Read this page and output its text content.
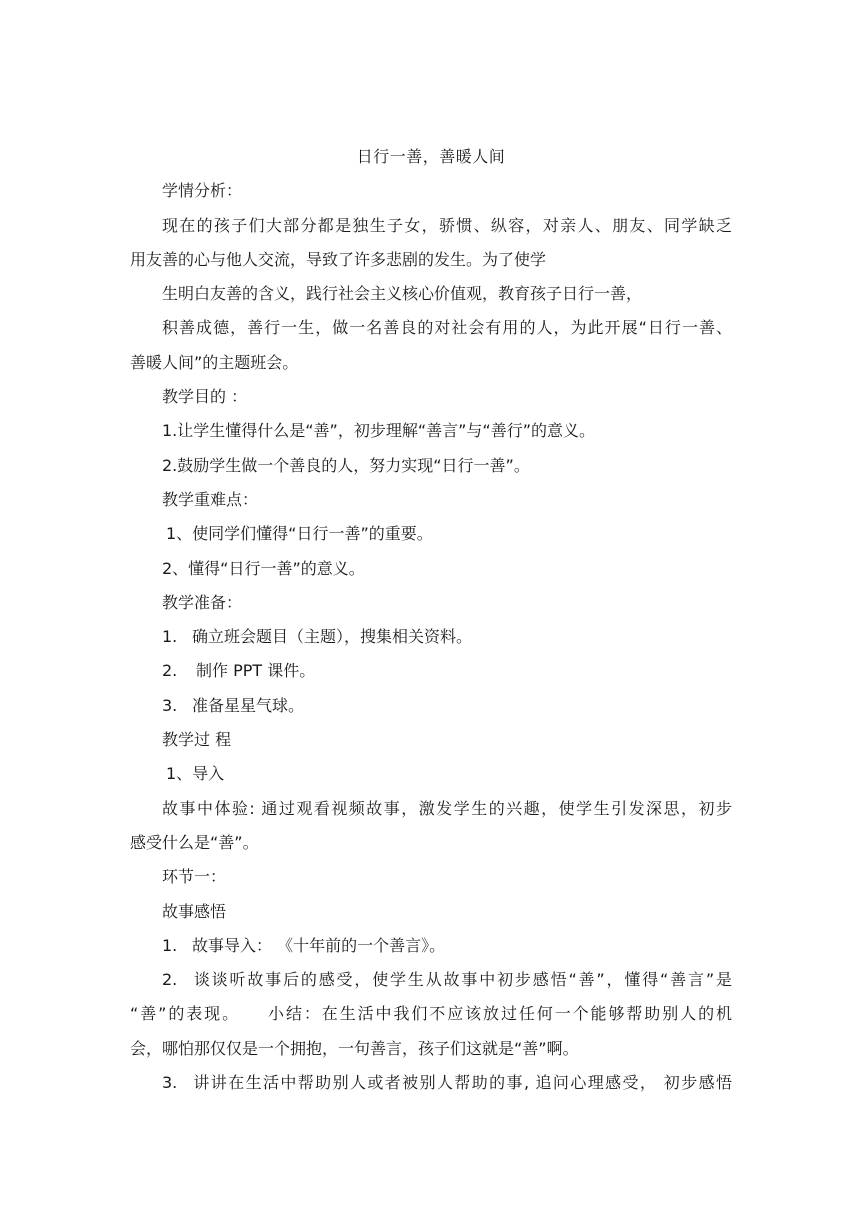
日行一善，善暖人间

学情分析：

现在的孩子们大部分都是独生子女，骄惯、纵容，对亲人、朋友、同学缺乏

用友善的心与他人交流，导致了许多悲剧的发生。为了使学

生明白友善的含义，践行社会主义核心价值观，教育孩子日行一善，

积善成德，善行一生，做一名善良的对社会有用的人，为此开展“日行一善、

善暖人间”的主题班会。

教学目的 ：

1.让学生懂得什么是“善”，初步理解“善言”与“善行”的意义。

2.鼓励学生做一个善良的人，努力实现“日行一善”。

教学重难点：

1、使同学们懂得“日行一善”的重要。

2、懂得“日行一善”的意义。

教学准备：

1. 确立班会题目（主题），搜集相关资料。

2. 制作 PPT 课件。

3. 准备星星气球。

教学过 程

1、导入

故事中体验: 通过观看视频故事，激发学生的兴趣，使学生引发深思，初步

感受什么是“善”。

环节一：

故事感悟

1. 故事导入： 《十年前的一个善言》。

2. 谈谈听故事后的感受，使学生从故事中初步感悟“善”，懂得“善言”是

“善”的表现。    小结：在生活中我们不应该放过任何一个能够帮助别人的机

会，哪怕那仅仅是一个拥抱，一句善言，孩子们这就是“善”啊。

3. 讲讲在生活中帮助别人或者被别人帮助的事, 追问心理感受， 初步感悟
